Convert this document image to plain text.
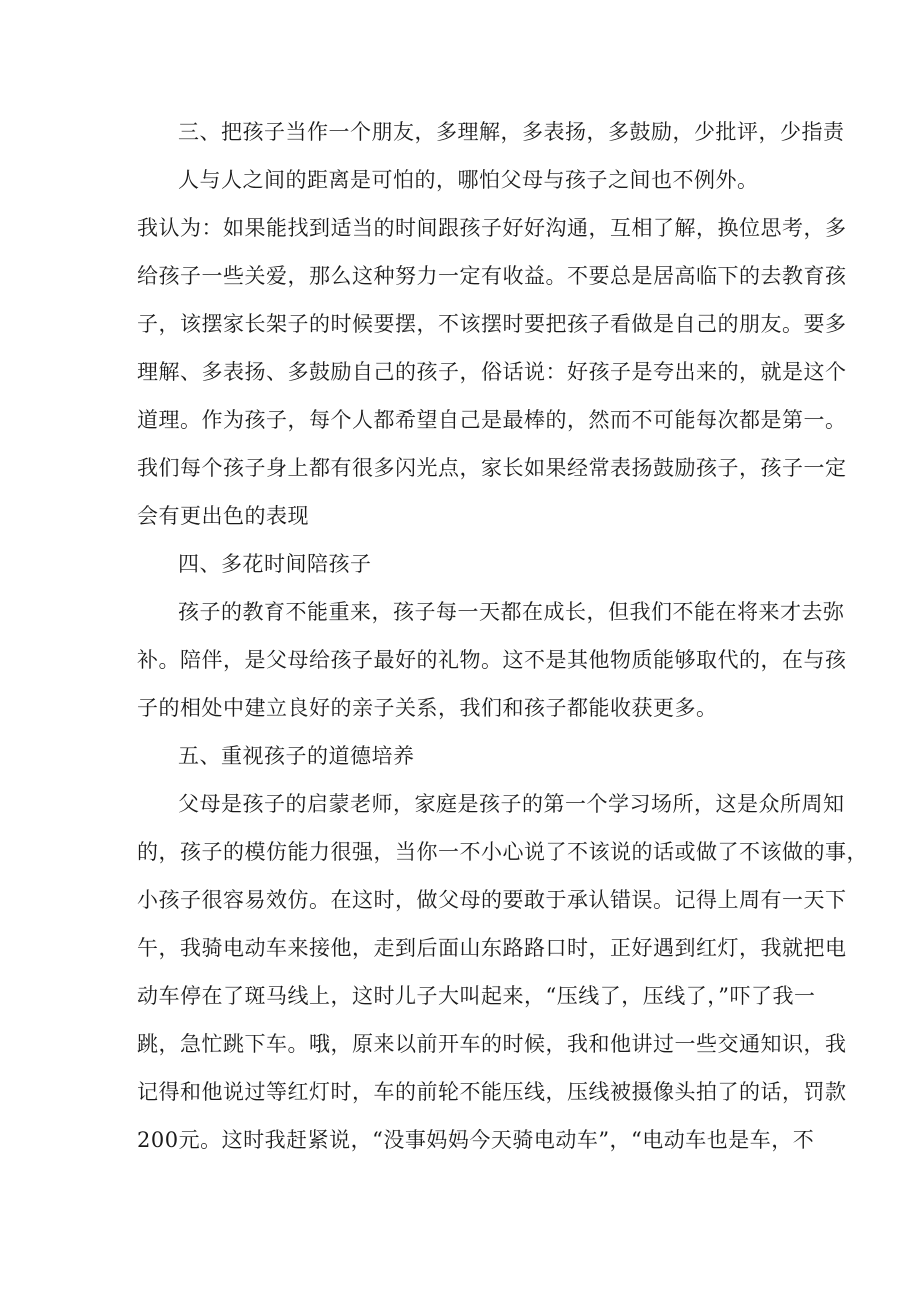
三、把孩子当作一个朋友，多理解，多表扬，多鼓励，少批评，少指责
人与人之间的距离是可怕的，哪怕父母与孩子之间也不例外。
我认为：如果能找到适当的时间跟孩子好好沟通，互相了解，换位思考，多
给孩子一些关爱，那么这种努力一定有收益。不要总是居高临下的去教育孩
子，该摆家长架子的时候要摆，不该摆时要把孩子看做是自己的朋友。要多
理解、多表扬、多鼓励自己的孩子，俗话说：好孩子是夸出来的，就是这个
道理。作为孩子，每个人都希望自己是最棒的，然而不可能每次都是第一。
我们每个孩子身上都有很多闪光点，家长如果经常表扬鼓励孩子，孩子一定
会有更出色的表现
四、多花时间陪孩子
孩子的教育不能重来，孩子每一天都在成长，但我们不能在将来才去弥
补。陪伴，是父母给孩子最好的礼物。这不是其他物质能够取代的，在与孩
子的相处中建立良好的亲子关系，我们和孩子都能收获更多。
五、重视孩子的道德培养
父母是孩子的启蒙老师，家庭是孩子的第一个学习场所，这是众所周知
的，孩子的模仿能力很强，当你一不小心说了不该说的话或做了不该做的事，
小孩子很容易效仿。在这时，做父母的要敢于承认错误。记得上周有一天下
午，我骑电动车来接他，走到后面山东路路口时，正好遇到红灯，我就把电
动车停在了斑马线上，这时儿子大叫起来，“压线了，压线了，”吓了我一
跳，急忙跳下车。哦，原来以前开车的时候，我和他讲过一些交通知识，我
记得和他说过等红灯时，车的前轮不能压线，压线被摄像头拍了的话，罚款
200元。这时我赶紧说，“没事妈妈今天骑电动车”，“电动车也是车，不
